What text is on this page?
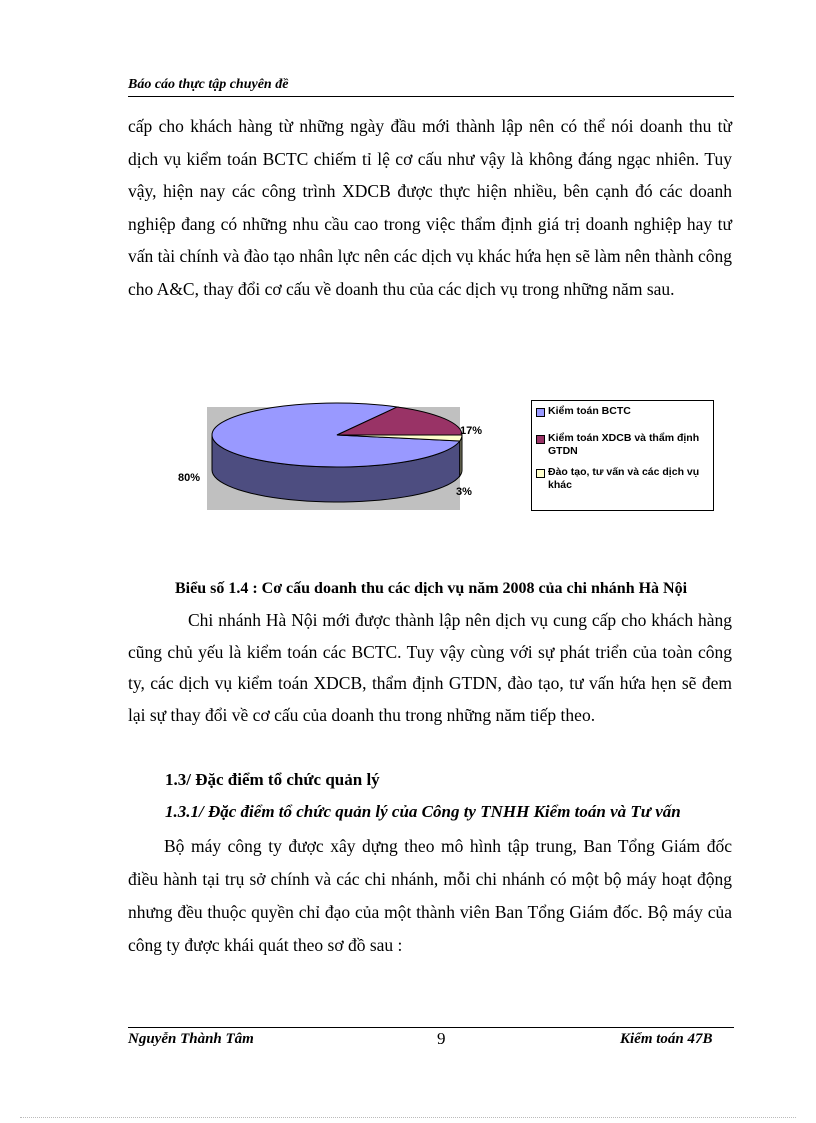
Báo cáo thực tập chuyên đề

cấp cho khách hàng từ những ngày đầu mới thành lập nên có thể nói doanh thu từ dịch vụ kiểm toán BCTC chiếm tỉ lệ cơ cấu như vậy là không đáng ngạc nhiên. Tuy vậy, hiện nay các công trình XDCB được thực hiện nhiều, bên cạnh đó các doanh nghiệp đang có những nhu cầu cao trong việc thẩm định giá trị doanh nghiệp hay tư vấn tài chính và đào tạo nhân lực nên các dịch vụ khác hứa hẹn sẽ làm nên thành công cho A&C, thay đổi cơ cấu về doanh thu của các dịch vụ trong những năm sau.

80%
17%
3%
Kiểm toán BCTC
Kiểm toán XDCB và thẩm định GTDN
Đào tạo, tư vấn và các dịch vụ khác
Biểu số 1.4 : Cơ cấu doanh thu các dịch vụ năm 2008 của chi nhánh Hà Nội

Chi nhánh Hà Nội mới được thành lập nên dịch vụ cung cấp cho khách hàng cũng chủ yếu là kiểm toán các BCTC. Tuy vậy cùng với sự phát triển của toàn công ty, các dịch vụ kiểm toán XDCB, thẩm định GTDN, đào tạo, tư vấn hứa hẹn sẽ đem lại sự thay đổi về cơ cấu của doanh thu trong những năm tiếp theo.

1.3/ Đặc điểm tổ chức quản lý
1.3.1/ Đặc điểm tổ chức quản lý của Công ty TNHH Kiểm toán và Tư vấn

Bộ máy công ty được xây dựng theo mô hình tập trung, Ban Tổng Giám đốc điều hành tại trụ sở chính và các chi nhánh, mỗi chi nhánh có một bộ máy hoạt động nhưng đều thuộc quyền chỉ đạo của một thành viên Ban Tổng Giám đốc. Bộ máy của công ty được khái quát theo sơ đồ sau :

Nguyễn Thành Tâm	9	Kiểm toán 47B
